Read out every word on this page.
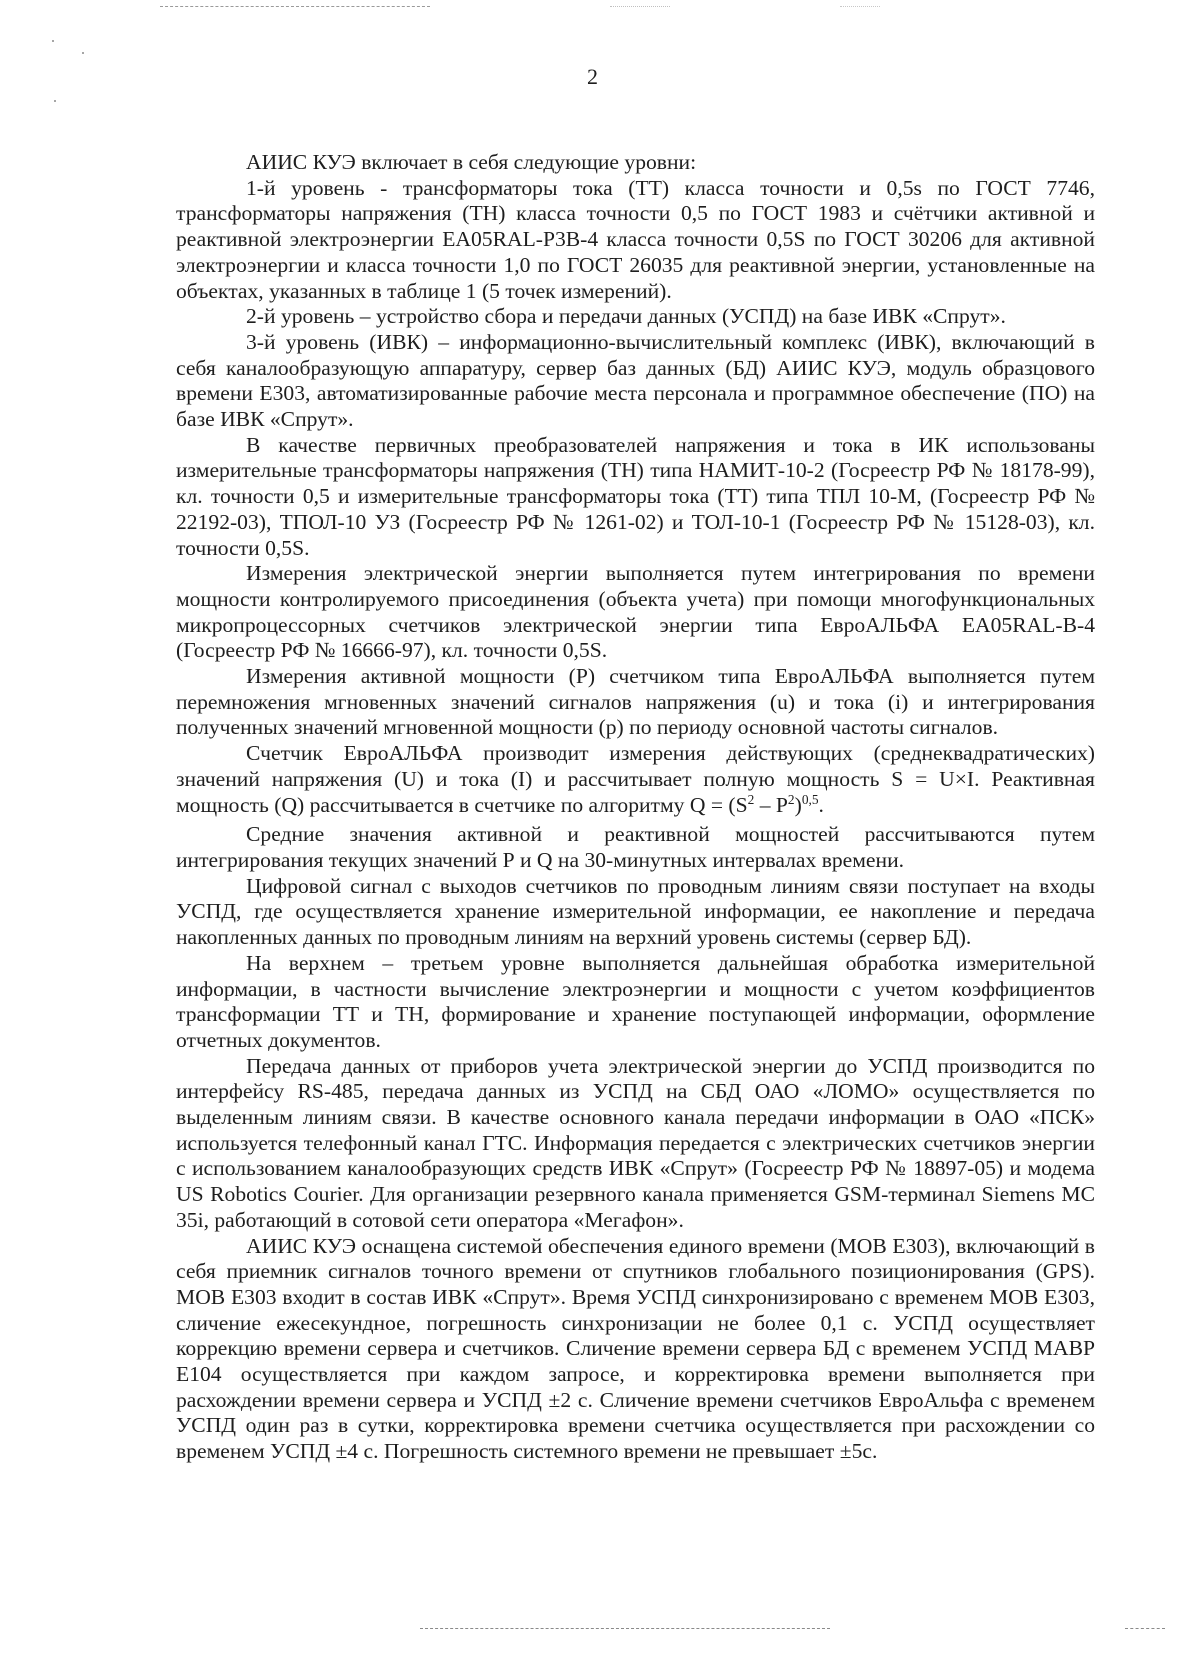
2

АИИС КУЭ включает в себя следующие уровни:

1-й уровень - трансформаторы тока (ТТ) класса точности и 0,5s по ГОСТ 7746, трансформаторы напряжения (ТН) класса точности 0,5 по ГОСТ 1983 и счётчики активной и реактивной электроэнергии ЕА05RAL-P3B-4 класса точности 0,5S по ГОСТ 30206 для активной электроэнергии и класса точности 1,0 по ГОСТ 26035 для реактивной энергии, установленные на объектах, указанных в таблице 1 (5 точек измерений).

2-й уровень – устройство сбора и передачи данных (УСПД) на базе ИВК «Спрут».

3-й уровень (ИВК) – информационно-вычислительный комплекс (ИВК), включающий в себя каналообразующую аппаратуру, сервер баз данных (БД) АИИС КУЭ, модуль образцового времени Е303, автоматизированные рабочие места персонала и программное обеспечение (ПО) на базе ИВК «Спрут».

В качестве первичных преобразователей напряжения и тока в ИК использованы измерительные трансформаторы напряжения (ТН) типа НАМИТ-10-2 (Госреестр РФ № 18178-99), кл. точности 0,5 и измерительные трансформаторы тока (ТТ) типа ТПЛ 10-М, (Госреестр РФ № 22192-03), ТПОЛ-10 УЗ (Госреестр РФ № 1261-02) и ТОЛ-10-1 (Госреестр РФ № 15128-03), кл. точности 0,5S.

Измерения электрической энергии выполняется путем интегрирования по времени мощности контролируемого присоединения (объекта учета) при помощи многофункциональных микропроцессорных счетчиков электрической энергии типа ЕвроАЛЬФА ЕА05RAL-B-4 (Госреестр РФ № 16666-97), кл. точности 0,5S.

Измерения активной мощности (Р) счетчиком типа ЕвроАЛЬФА выполняется путем перемножения мгновенных значений сигналов напряжения (u) и тока (i) и интегрирования полученных значений мгновенной мощности (р) по периоду основной частоты сигналов.

Счетчик ЕвроАЛЬФА производит измерения действующих (среднеквадратических) значений напряжения (U) и тока (I) и рассчитывает полную мощность S = U×I. Реактивная мощность (Q) рассчитывается в счетчике по алгоритму $Q = (S^2 - P^2)^{0,5}$.

Средние значения активной и реактивной мощностей рассчитываются путем интегрирования текущих значений Р и Q на 30-минутных интервалах времени.

Цифровой сигнал с выходов счетчиков по проводным линиям связи поступает на входы УСПД, где осуществляется хранение измерительной информации, ее накопление и передача накопленных данных по проводным линиям на верхний уровень системы (сервер БД).

На верхнем – третьем уровне выполняется дальнейшая обработка измерительной информации, в частности вычисление электроэнергии и мощности с учетом коэффициентов трансформации ТТ и ТН, формирование и хранение поступающей информации, оформление отчетных документов.

Передача данных от приборов учета электрической энергии до УСПД производится по интерфейсу RS-485, передача данных из УСПД на СБД ОАО «ЛОМО» осуществляется по выделенным линиям связи. В качестве основного канала передачи информации в ОАО «ПСК» используется телефонный канал ГТС. Информация передается с электрических счетчиков энергии с использованием каналообразующих средств ИВК «Спрут» (Госреестр РФ № 18897-05) и модема US Robotics Courier. Для организации резервного канала применяется GSM-терминал Siemens MC 35i, работающий в сотовой сети оператора «Мегафон».

АИИС КУЭ оснащена системой обеспечения единого времени (МОВ Е303), включающий в себя приемник сигналов точного времени от спутников глобального позиционирования (GPS). МОВ Е303 входит в состав ИВК «Спрут». Время УСПД синхронизировано с временем МОВ Е303, сличение ежесекундное, погрешность синхронизации не более 0,1 с. УСПД осуществляет коррекцию времени сервера и счетчиков. Сличение времени сервера БД с временем УСПД МАВР Е104 осуществляется при каждом запросе, и корректировка времени выполняется при расхождении времени сервера и УСПД ±2 с. Сличение времени счетчиков ЕвроАльфа с временем УСПД один раз в сутки, корректировка времени счетчика осуществляется при расхождении со временем УСПД ±4 с. Погрешность системного времени не превышает ±5с.
